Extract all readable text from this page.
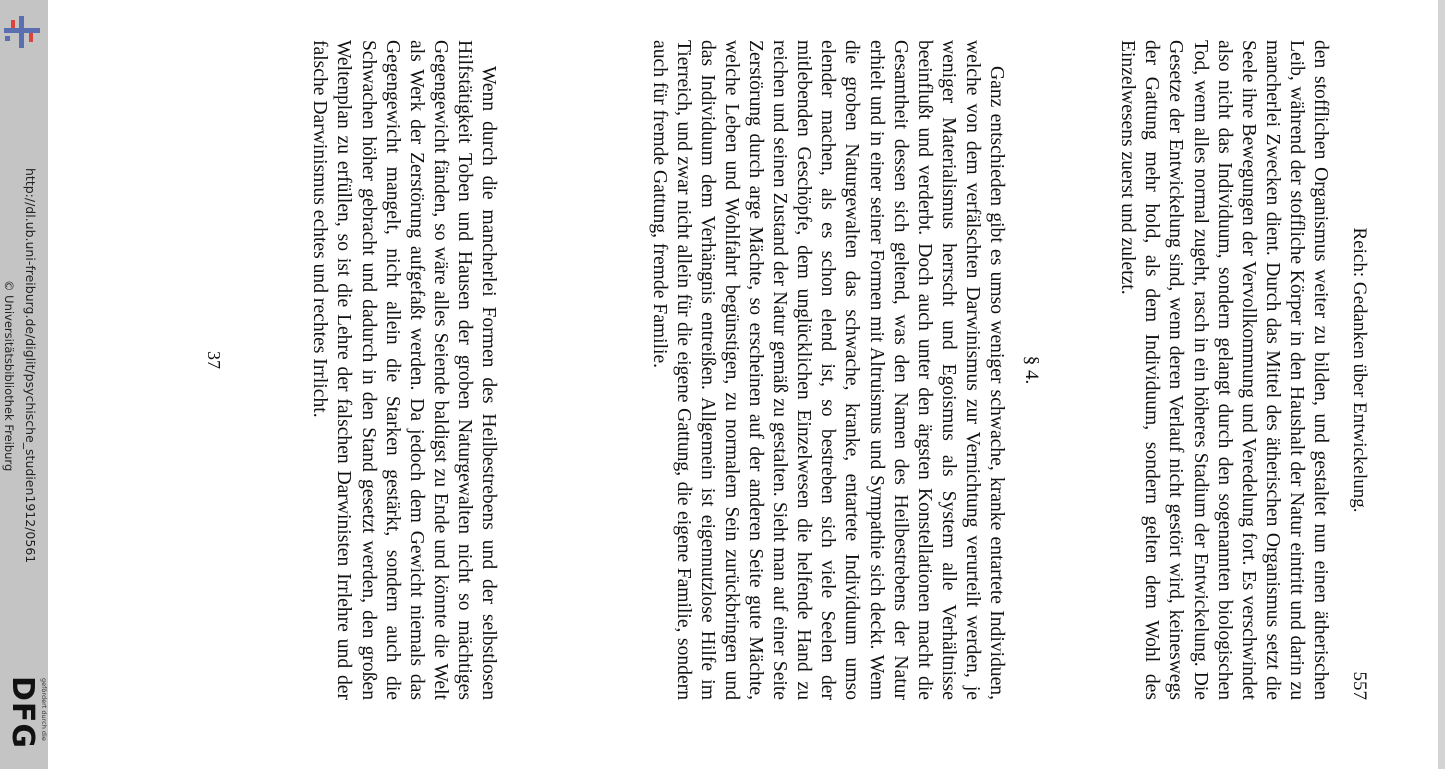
http://dl.ub.uni-freiburg.de/diglit/psychische_studien1912/0561
© Universitätsbibliothek Freiburg
gefördert durch die
DFG
Reich: Gedanken über Entwickelung.
557

den stofflichen Organismus weiter zu bilden, und gestaltet nun einen ätherischen Leib, während der stoffliche Körper in den Haushalt der Natur eintritt und darin zu mancherlei Zwecken dient. Durch das Mittel des ätherischen Organismus setzt die Seele ihre Bewegungen der Vervollkommung und Veredelung fort. Es verschwindet also nicht das Individuum, sondern gelangt durch den sogenannten biologischen Tod, wenn alles normal zugeht, rasch in ein höheres Stadium der Entwickelung. Die Gesetze der Entwickelung sind, wenn deren Verlauf nicht gestört wird, keineswegs der Gattung mehr hold, als dem Individuum, sondern gelten dem Wohl des Einzelwesens zuerst und zuletzt.

§ 4.

Ganz entschieden gibt es umso weniger schwache, kranke entartete Individuen, welche von dem verfälschten Darwinismus zur Vernichtung verurteilt werden, je weniger Materialismus herrscht und Egoismus als System alle Verhältnisse beeinflußt und verderbt. Doch auch unter den ärgsten Konstellationen macht die Gesamtheit dessen sich geltend, was den Namen des Heilbestrebens der Natur erhielt und in einer seiner Formen mit Altruismus und Sympathie sich deckt. Wenn die groben Naturgewalten das schwache, kranke, entartete Individuum umso elender machen, als es schon elend ist, so bestreben sich viele Seelen der mitlebenden Geschöpfe, dem unglücklichen Einzelwesen die helfende Hand zu reichen und seinen Zustand der Natur gemäß zu gestalten. Sieht man auf einer Seite Zerstörung durch arge Mächte, so erscheinen auf der anderen Seite gute Mächte, welche Leben und Wohlfahrt begünstigen, zu normalem Sein zurückbringen und das Individuum dem Verhängnis entreißen. Allgemein ist eigennutzlose Hilfe im Tierreich, und zwar nicht allein für die eigene Gattung, die eigene Familie, sondern auch für fremde Gattung, fremde Familie.

Wenn durch die mancherlei Formen des Heilbestrebens und der selbstlosen Hilfstätigkeit Toben und Hausen der groben Naturgewalten nicht so mächtiges Gegengewicht fänden, so wäre alles Seiende baldigst zu Ende und könnte die Welt als Werk der Zerstörung aufgefaßt werden. Da jedoch dem Gewicht niemals das Gegengewicht mangelt, nicht allein die Starken gestärkt, sondern auch die Schwachen höher gebracht und dadurch in den Stand gesetzt werden, den großen Weltenplan zu erfüllen, so ist die Lehre der falschen Darwinisten Irrlehre und der falsche Darwinismus echtes und rechtes Irrlicht.

37
